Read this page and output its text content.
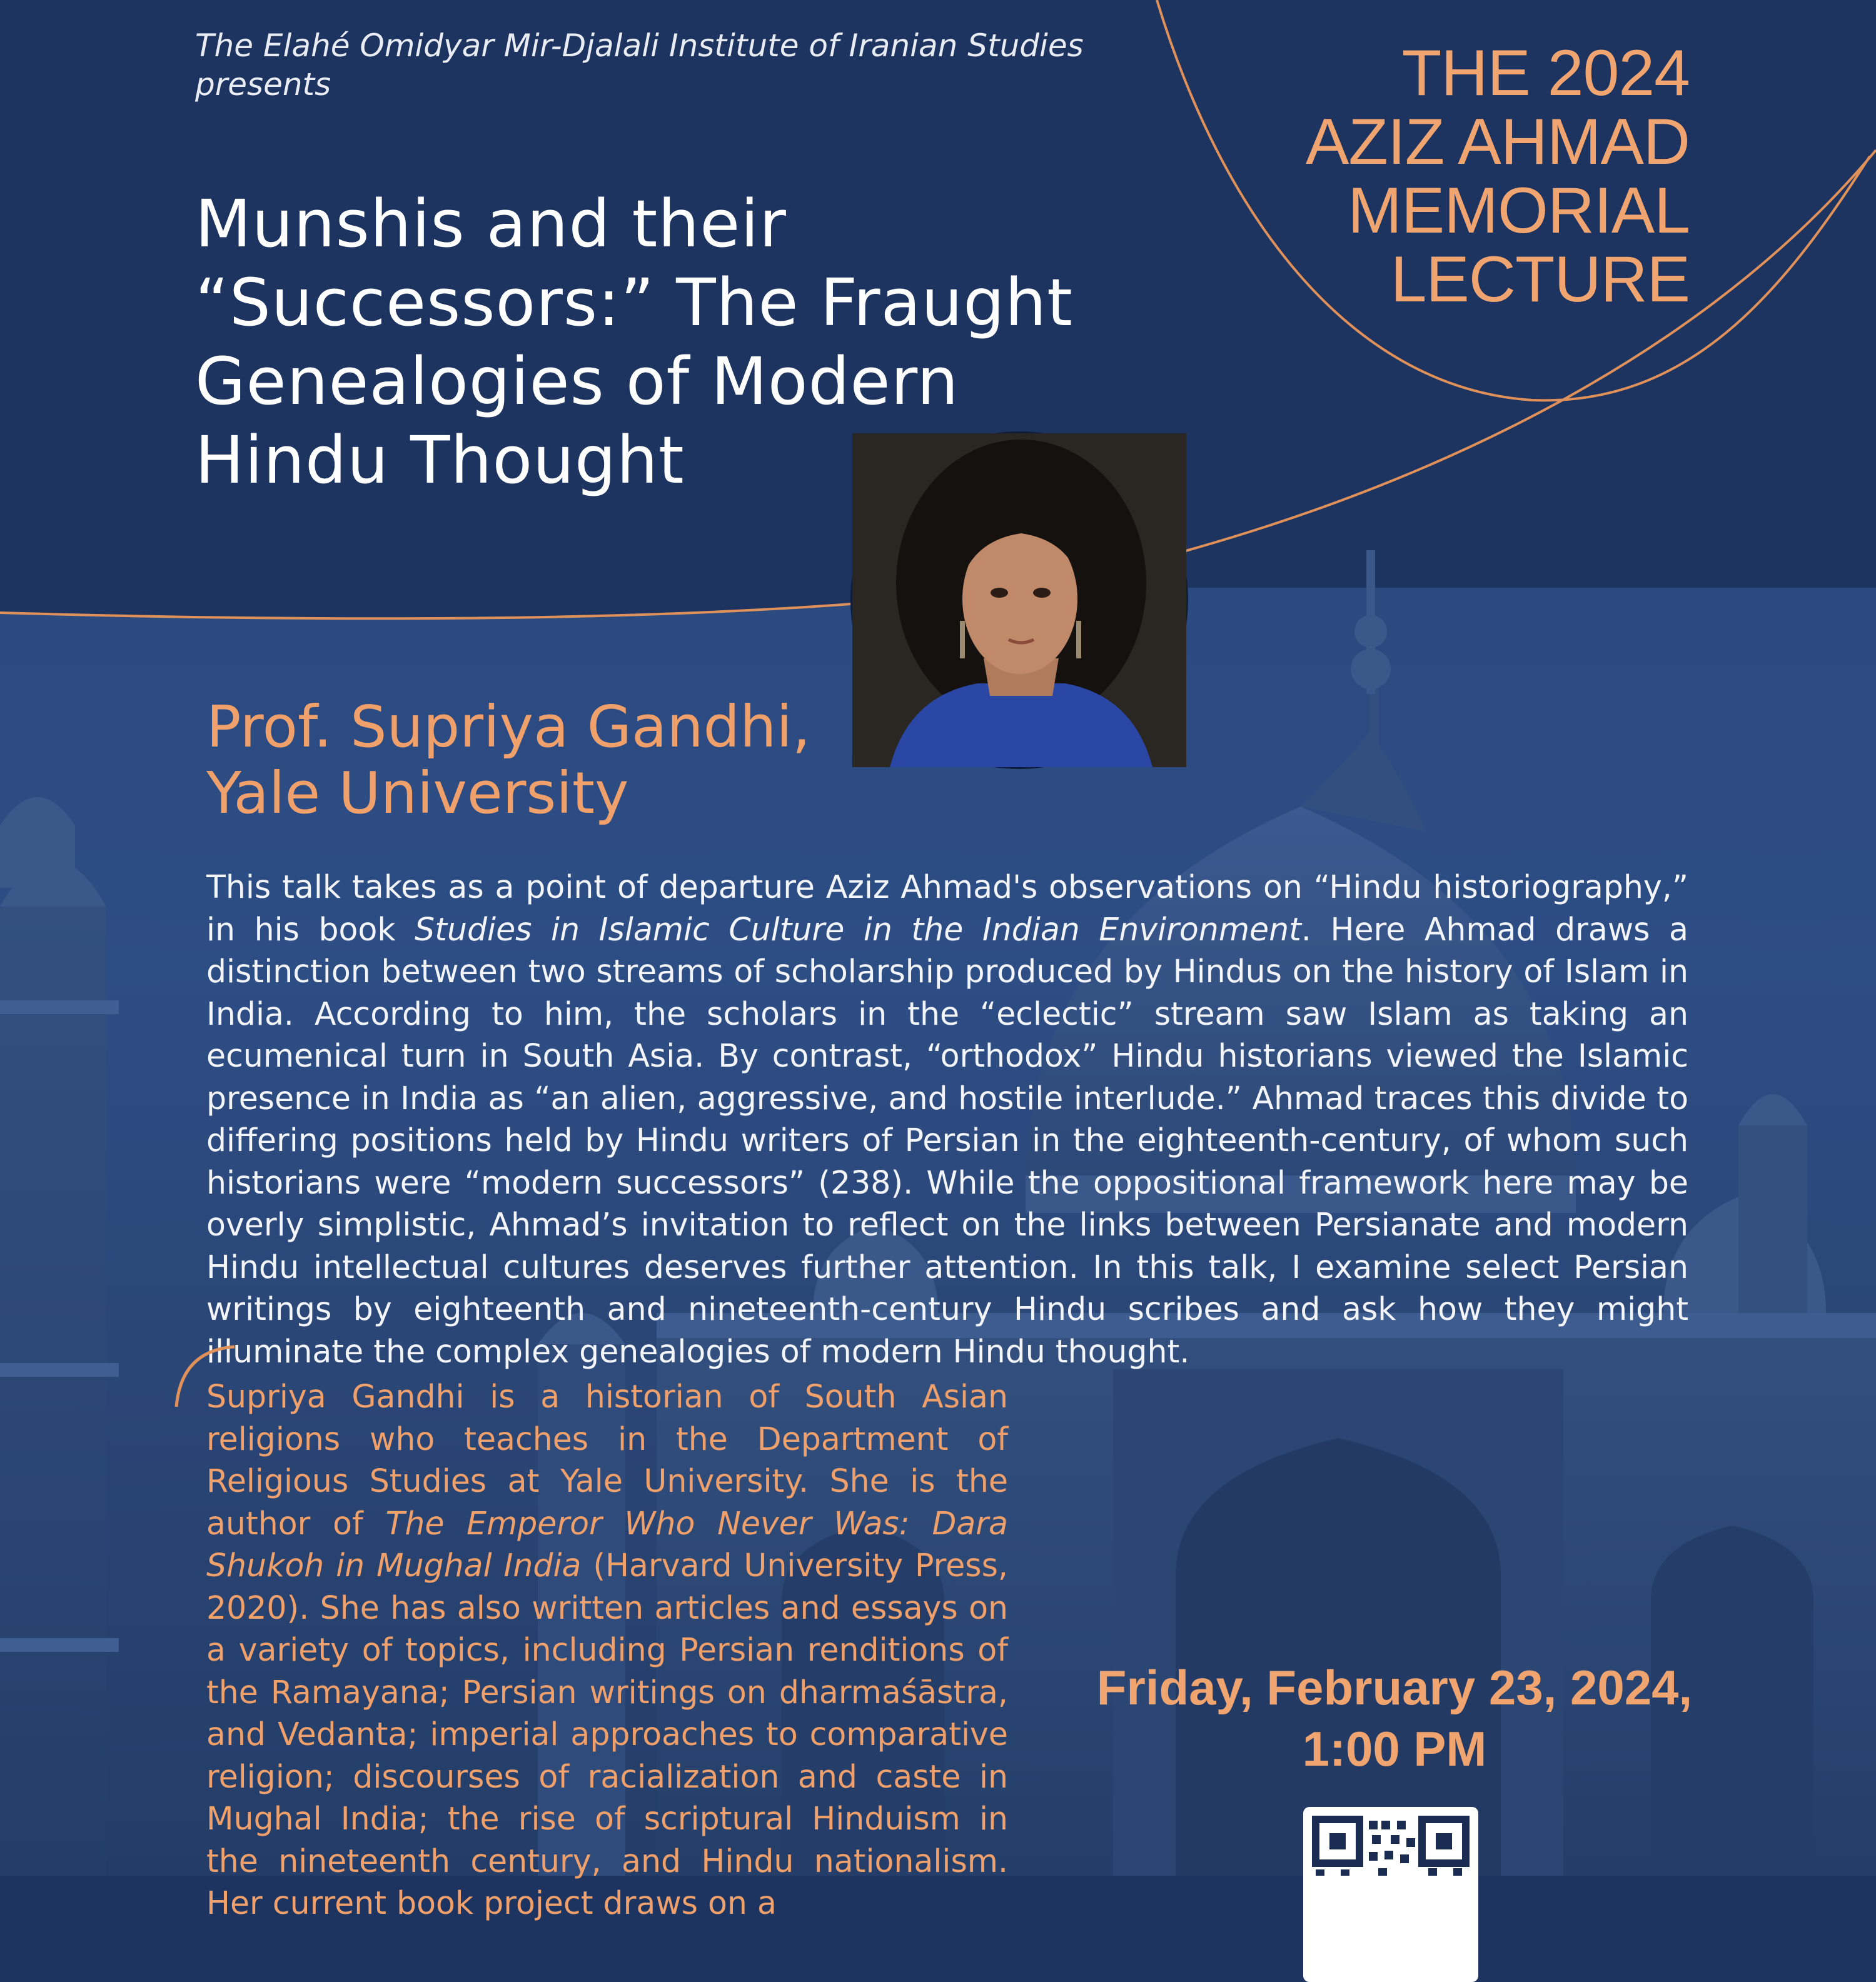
The Elahé Omidyar Mir-Djalali Institute of Iranian Studies
presents	THE 2024
AZIZ AHMAD
MEMORIAL
LECTURE
Munshis and their
“Successors:” The Fraught
Genealogies of Modern
Hindu Thought
Prof. Supriya Gandhi,
Yale University
This talk takes as a point of departure Aziz Ahmad's observations on “Hindu historiography,” in his book Studies in Islamic Culture in the Indian Environment. Here Ahmad draws a distinction between two streams of scholarship produced by Hindus on the history of Islam in India. According to him, the scholars in the “eclectic” stream saw Islam as taking an ecumenical turn in South Asia. By contrast, “orthodox” Hindu historians viewed the Islamic presence in India as “an alien, aggressive, and hostile interlude.” Ahmad traces this divide to differing positions held by Hindu writers of Persian in the eighteenth-century, of whom such historians were “modern successors” (238). While the oppositional framework here may be overly simplistic, Ahmad’s invitation to reflect on the links between Persianate and modern Hindu intellectual cultures deserves further attention. In this talk, I examine select Persian writings by eighteenth and nineteenth-century Hindu scribes and ask how they might illuminate the complex genealogies of modern Hindu thought.
Supriya Gandhi is a historian of South Asian religions who teaches in the Department of Religious Studies at Yale University. She is the author of The Emperor Who Never Was: Dara Shukoh in Mughal India (Harvard University Press, 2020). She has also written articles and essays on a variety of topics, including Persian renditions of the Ramayana; Persian writings on dharmaśāstra, and Vedanta; imperial approaches to comparative religion; discourses of racialization and caste in Mughal India; the rise of scriptural Hinduism in the nineteenth century, and Hindu nationalism. Her current book project draws on a
Friday, February 23, 2024,
1:00 PM
